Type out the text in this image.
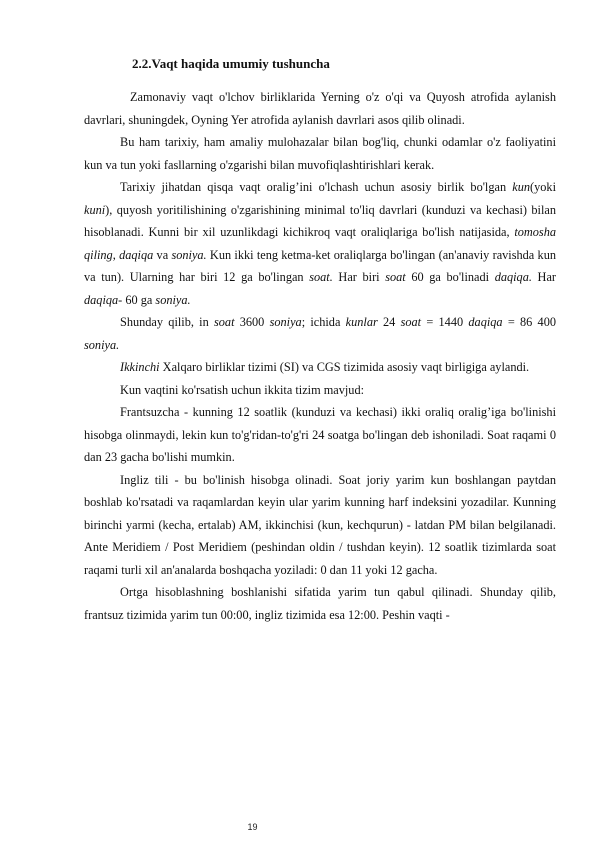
2.2.Vaqt haqida umumiy tushuncha

Zamonaviy vaqt o'lchov birliklarida Yerning o'z o'qi va Quyosh atrofida aylanish davrlari, shuningdek, Oyning Yer atrofida aylanish davrlari asos qilib olinadi.

Bu ham tarixiy, ham amaliy mulohazalar bilan bog'liq, chunki odamlar o'z faoliyatini kun va tun yoki fasllarning o'zgarishi bilan muvofiqlashtirishlari kerak.

Tarixiy jihatdan qisqa vaqt oralig’ini o'lchash uchun asosiy birlik bo'lgan kun(yoki kuni), quyosh yoritilishining o'zgarishining minimal to'liq davrlari (kunduzi va kechasi) bilan hisoblanadi. Kunni bir xil uzunlikdagi kichikroq vaqt oraliqlariga bo'lish natijasida, tomosha qiling, daqiqa va soniya. Kun ikki teng ketma-ket oraliqlarga bo'lingan (an'anaviy ravishda kun va tun). Ularning har biri 12 ga bo'lingan soat. Har biri soat 60 ga bo'linadi daqiqa. Har daqiqa- 60 ga soniya.

Shunday qilib, in soat 3600 soniya; ichida kunlar 24 soat = 1440 daqiqa = 86 400 soniya.

Ikkinchi Xalqaro birliklar tizimi (SI) va CGS tizimida asosiy vaqt birligiga aylandi.

Kun vaqtini ko'rsatish uchun ikkita tizim mavjud:

Frantsuzcha - kunning 12 soatlik (kunduzi va kechasi) ikki oraliq oralig’iga bo'linishi hisobga olinmaydi, lekin kun to'g'ridan-to'g'ri 24 soatga bo'lingan deb ishoniladi. Soat raqami 0 dan 23 gacha bo'lishi mumkin.

Ingliz tili - bu bo'linish hisobga olinadi. Soat joriy yarim kun boshlangan paytdan boshlab ko'rsatadi va raqamlardan keyin ular yarim kunning harf indeksini yozadilar. Kunning birinchi yarmi (kecha, ertalab) AM, ikkinchisi (kun, kechqurun) - latdan PM bilan belgilanadi. Ante Meridiem / Post Meridiem (peshindan oldin / tushdan keyin). 12 soatlik tizimlarda soat raqami turli xil an'analarda boshqacha yoziladi: 0 dan 11 yoki 12 gacha.

Ortga hisoblashning boshlanishi sifatida yarim tun qabul qilinadi. Shunday qilib, frantsuz tizimida yarim tun 00:00, ingliz tizimida esa 12:00. Peshin vaqti -

19
